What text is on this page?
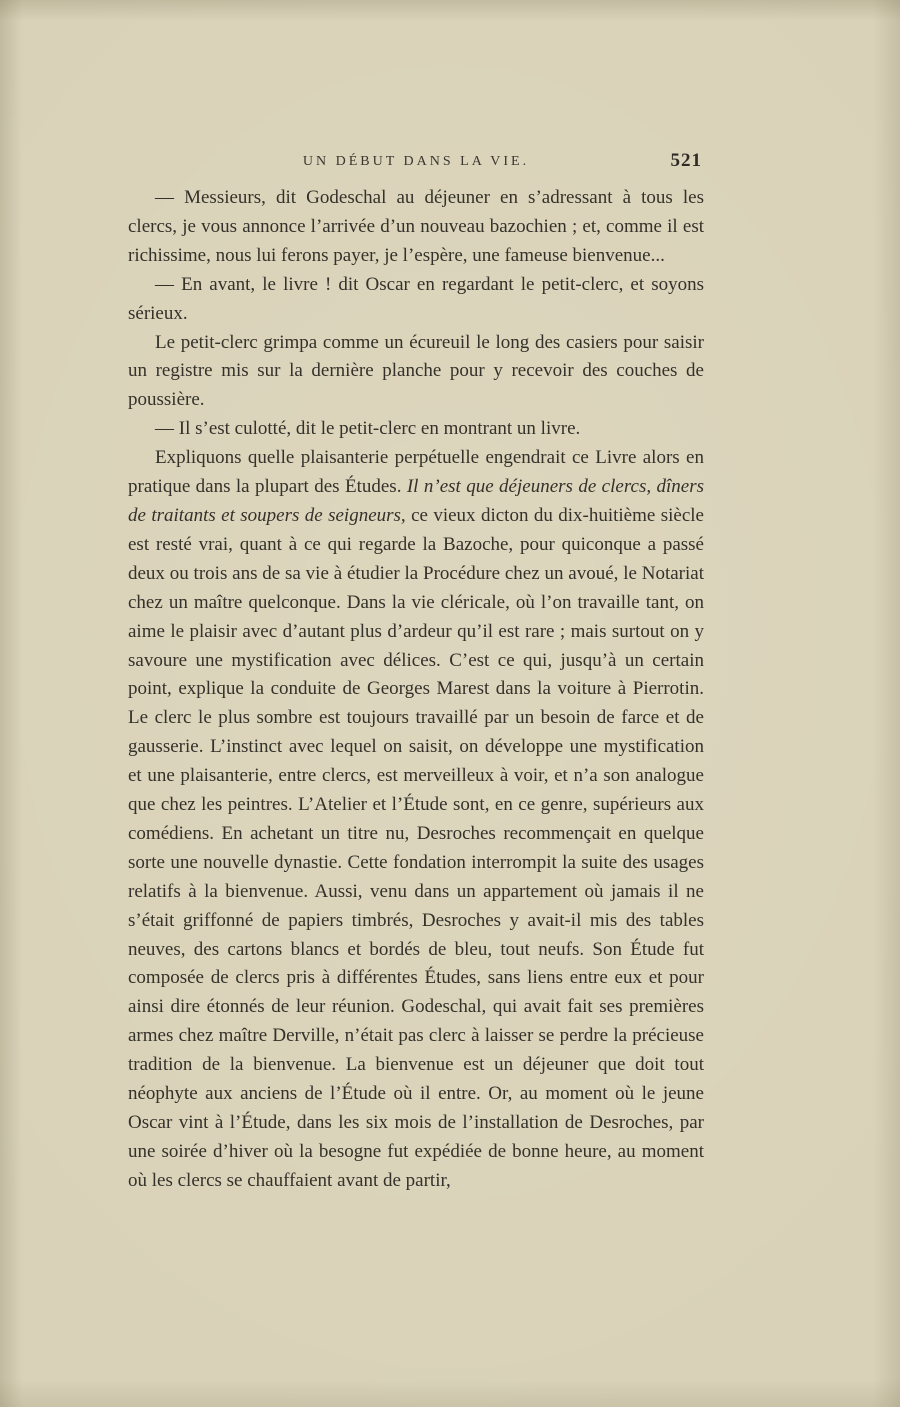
UN DÉBUT DANS LA VIE.	521

— Messieurs, dit Godeschal au déjeuner en s’adressant à tous les clercs, je vous annonce l’arrivée d’un nouveau bazochien ; et, comme il est richissime, nous lui ferons payer, je l’espère, une fameuse bienvenue...

— En avant, le livre ! dit Oscar en regardant le petit-clerc, et soyons sérieux.

Le petit-clerc grimpa comme un écureuil le long des casiers pour saisir un registre mis sur la dernière planche pour y recevoir des couches de poussière.

— Il s’est culotté, dit le petit-clerc en montrant un livre.

Expliquons quelle plaisanterie perpétuelle engendrait ce Livre alors en pratique dans la plupart des Études. Il n’est que déjeuners de clercs, dîners de traitants et soupers de seigneurs, ce vieux dicton du dix-huitième siècle est resté vrai, quant à ce qui regarde la Bazoche, pour quiconque a passé deux ou trois ans de sa vie à étudier la Procédure chez un avoué, le Notariat chez un maître quelconque. Dans la vie cléricale, où l’on travaille tant, on aime le plaisir avec d’autant plus d’ardeur qu’il est rare ; mais surtout on y savoure une mystification avec délices. C’est ce qui, jusqu’à un certain point, explique la conduite de Georges Marest dans la voiture à Pierrotin. Le clerc le plus sombre est toujours travaillé par un besoin de farce et de gausserie. L’instinct avec lequel on saisit, on développe une mystification et une plaisanterie, entre clercs, est merveilleux à voir, et n’a son analogue que chez les peintres. L’Atelier et l’Étude sont, en ce genre, supérieurs aux comédiens. En achetant un titre nu, Desroches recommençait en quelque sorte une nouvelle dynastie. Cette fondation interrompit la suite des usages relatifs à la bienvenue. Aussi, venu dans un appartement où jamais il ne s’était griffonné de papiers timbrés, Desroches y avait-il mis des tables neuves, des cartons blancs et bordés de bleu, tout neufs. Son Étude fut composée de clercs pris à différentes Études, sans liens entre eux et pour ainsi dire étonnés de leur réunion. Godeschal, qui avait fait ses premières armes chez maître Derville, n’était pas clerc à laisser se perdre la précieuse tradition de la bienvenue. La bienvenue est un déjeuner que doit tout néophyte aux anciens de l’Étude où il entre. Or, au moment où le jeune Oscar vint à l’Étude, dans les six mois de l’installation de Desroches, par une soirée d’hiver où la besogne fut expédiée de bonne heure, au moment où les clercs se chauffaient avant de partir,
